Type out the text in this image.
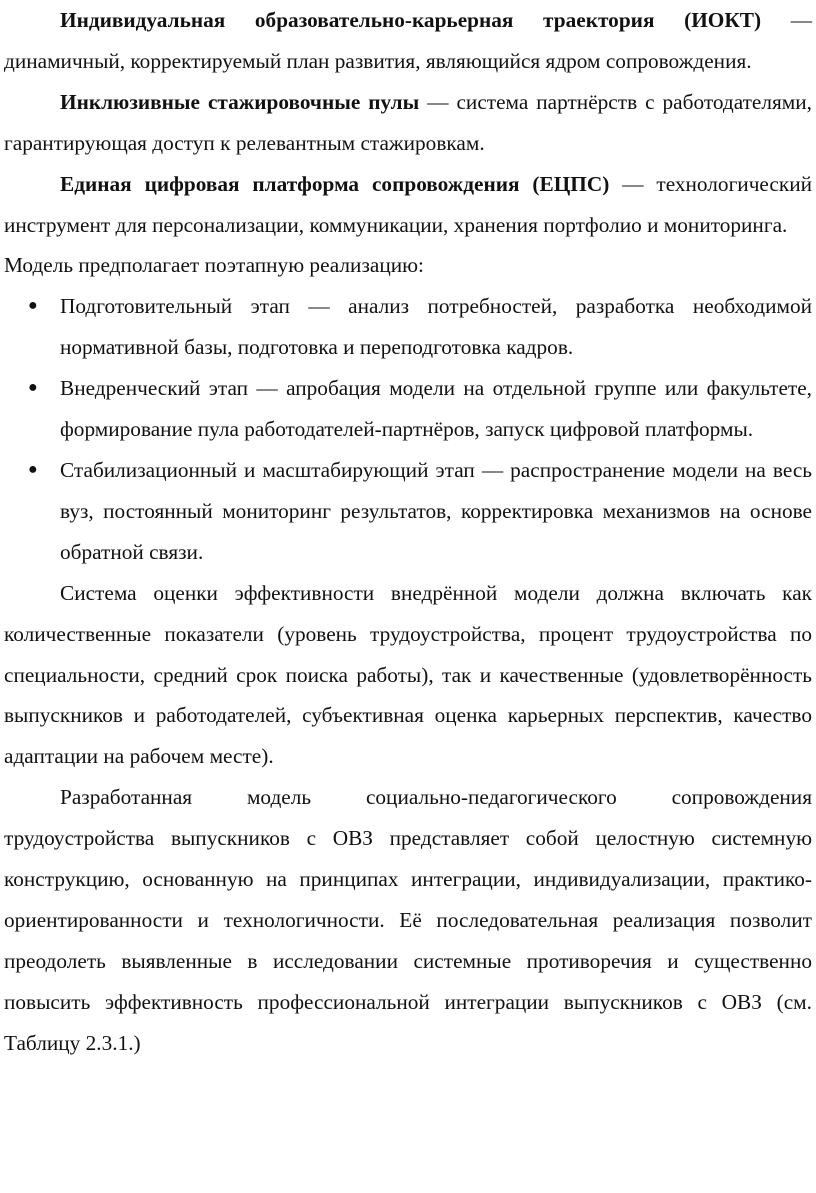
Индивидуальная образовательно-карьерная траектория (ИОКТ) — динамичный, корректируемый план развития, являющийся ядром сопровождения.

Инклюзивные стажировочные пулы — система партнёрств с работодателями, гарантирующая доступ к релевантным стажировкам.

Единая цифровая платформа сопровождения (ЕЦПС) — технологический инструмент для персонализации, коммуникации, хранения портфолио и мониторинга.

Модель предполагает поэтапную реализацию:

● Подготовительный этап — анализ потребностей, разработка необходимой нормативной базы, подготовка и переподготовка кадров.
● Внедренческий этап — апробация модели на отдельной группе или факультете, формирование пула работодателей-партнёров, запуск цифровой платформы.
● Стабилизационный и масштабирующий этап — распространение модели на весь вуз, постоянный мониторинг результатов, корректировка механизмов на основе обратной связи.

Система оценки эффективности внедрённой модели должна включать как количественные показатели (уровень трудоустройства, процент трудоустройства по специальности, средний срок поиска работы), так и качественные (удовлетворённость выпускников и работодателей, субъективная оценка карьерных перспектив, качество адаптации на рабочем месте).

Разработанная модель социально-педагогического сопровождения трудоустройства выпускников с ОВЗ представляет собой целостную системную конструкцию, основанную на принципах интеграции, индивидуализации, практико-ориентированности и технологичности. Её последовательная реализация позволит преодолеть выявленные в исследовании системные противоречия и существенно повысить эффективность профессиональной интеграции выпускников с ОВЗ (см. Таблицу 2.3.1.)
